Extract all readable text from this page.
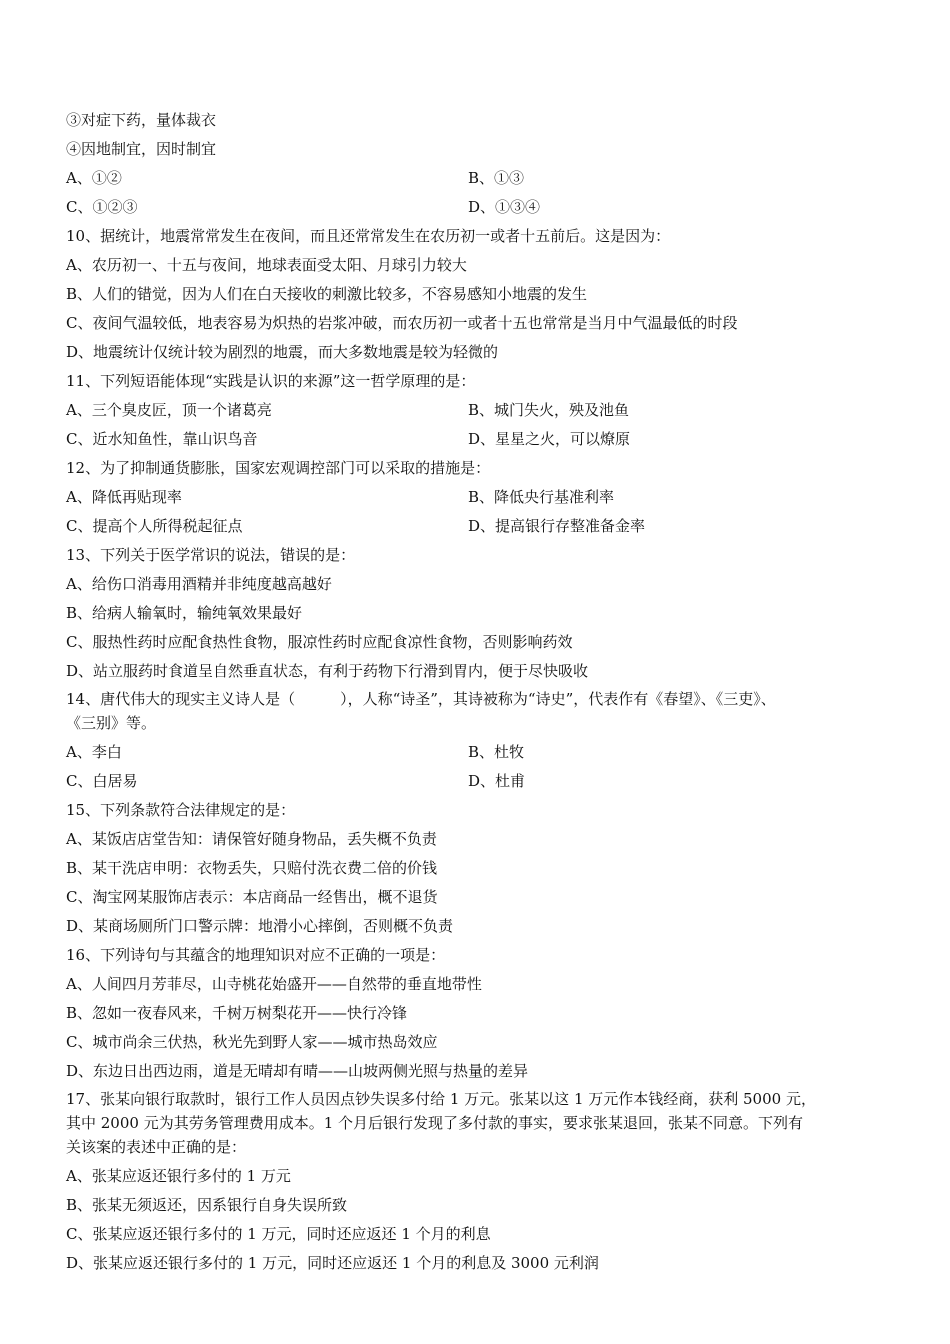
③对症下药，量体裁衣
④因地制宜，因时制宜
A、①②	B、①③
C、①②③	D、①③④
10、据统计，地震常常发生在夜间，而且还常常发生在农历初一或者十五前后。这是因为：
A、农历初一、十五与夜间，地球表面受太阳、月球引力较大
B、人们的错觉，因为人们在白天接收的刺激比较多，不容易感知小地震的发生
C、夜间气温较低，地表容易为炽热的岩浆冲破，而农历初一或者十五也常常是当月中气温最低的时段
D、地震统计仅统计较为剧烈的地震，而大多数地震是较为轻微的
11、下列短语能体现“实践是认识的来源”这一哲学原理的是：
A、三个臭皮匠，顶一个诸葛亮	B、城门失火，殃及池鱼
C、近水知鱼性，靠山识鸟音	D、星星之火，可以燎原
12、为了抑制通货膨胀，国家宏观调控部门可以采取的措施是：
A、降低再贴现率	B、降低央行基准利率
C、提高个人所得税起征点	D、提高银行存整准备金率
13、下列关于医学常识的说法，错误的是：
A、给伤口消毒用酒精并非纯度越高越好
B、给病人输氧时，输纯氧效果最好
C、服热性药时应配食热性食物，服凉性药时应配食凉性食物，否则影响药效
D、站立服药时食道呈自然垂直状态，有利于药物下行滑到胃内，便于尽快吸收
14、唐代伟大的现实主义诗人是（　　　），人称“诗圣”，其诗被称为“诗史”，代表作有《春望》、《三吏》、
《三别》等。
A、李白	B、杜牧
C、白居易	D、杜甫
15、下列条款符合法律规定的是：
A、某饭店店堂告知：请保管好随身物品，丢失概不负责
B、某干洗店申明：衣物丢失，只赔付洗衣费二倍的价钱
C、淘宝网某服饰店表示：本店商品一经售出，概不退货
D、某商场厕所门口警示牌：地滑小心摔倒，否则概不负责
16、下列诗句与其蕴含的地理知识对应不正确的一项是：
A、人间四月芳菲尽，山寺桃花始盛开——自然带的垂直地带性
B、忽如一夜春风来，千树万树梨花开——快行冷锋
C、城市尚余三伏热，秋光先到野人家——城市热岛效应
D、东边日出西边雨，道是无晴却有晴——山坡两侧光照与热量的差异
17、张某向银行取款时，银行工作人员因点钞失误多付给 1 万元。张某以这 1 万元作本钱经商，获利 5000 元，
其中 2000 元为其劳务管理费用成本。1 个月后银行发现了多付款的事实，要求张某退回，张某不同意。下列有
关该案的表述中正确的是：
A、张某应返还银行多付的 1 万元
B、张某无须返还，因系银行自身失误所致
C、张某应返还银行多付的 1 万元，同时还应返还 1 个月的利息
D、张某应返还银行多付的 1 万元，同时还应返还 1 个月的利息及 3000 元利润
